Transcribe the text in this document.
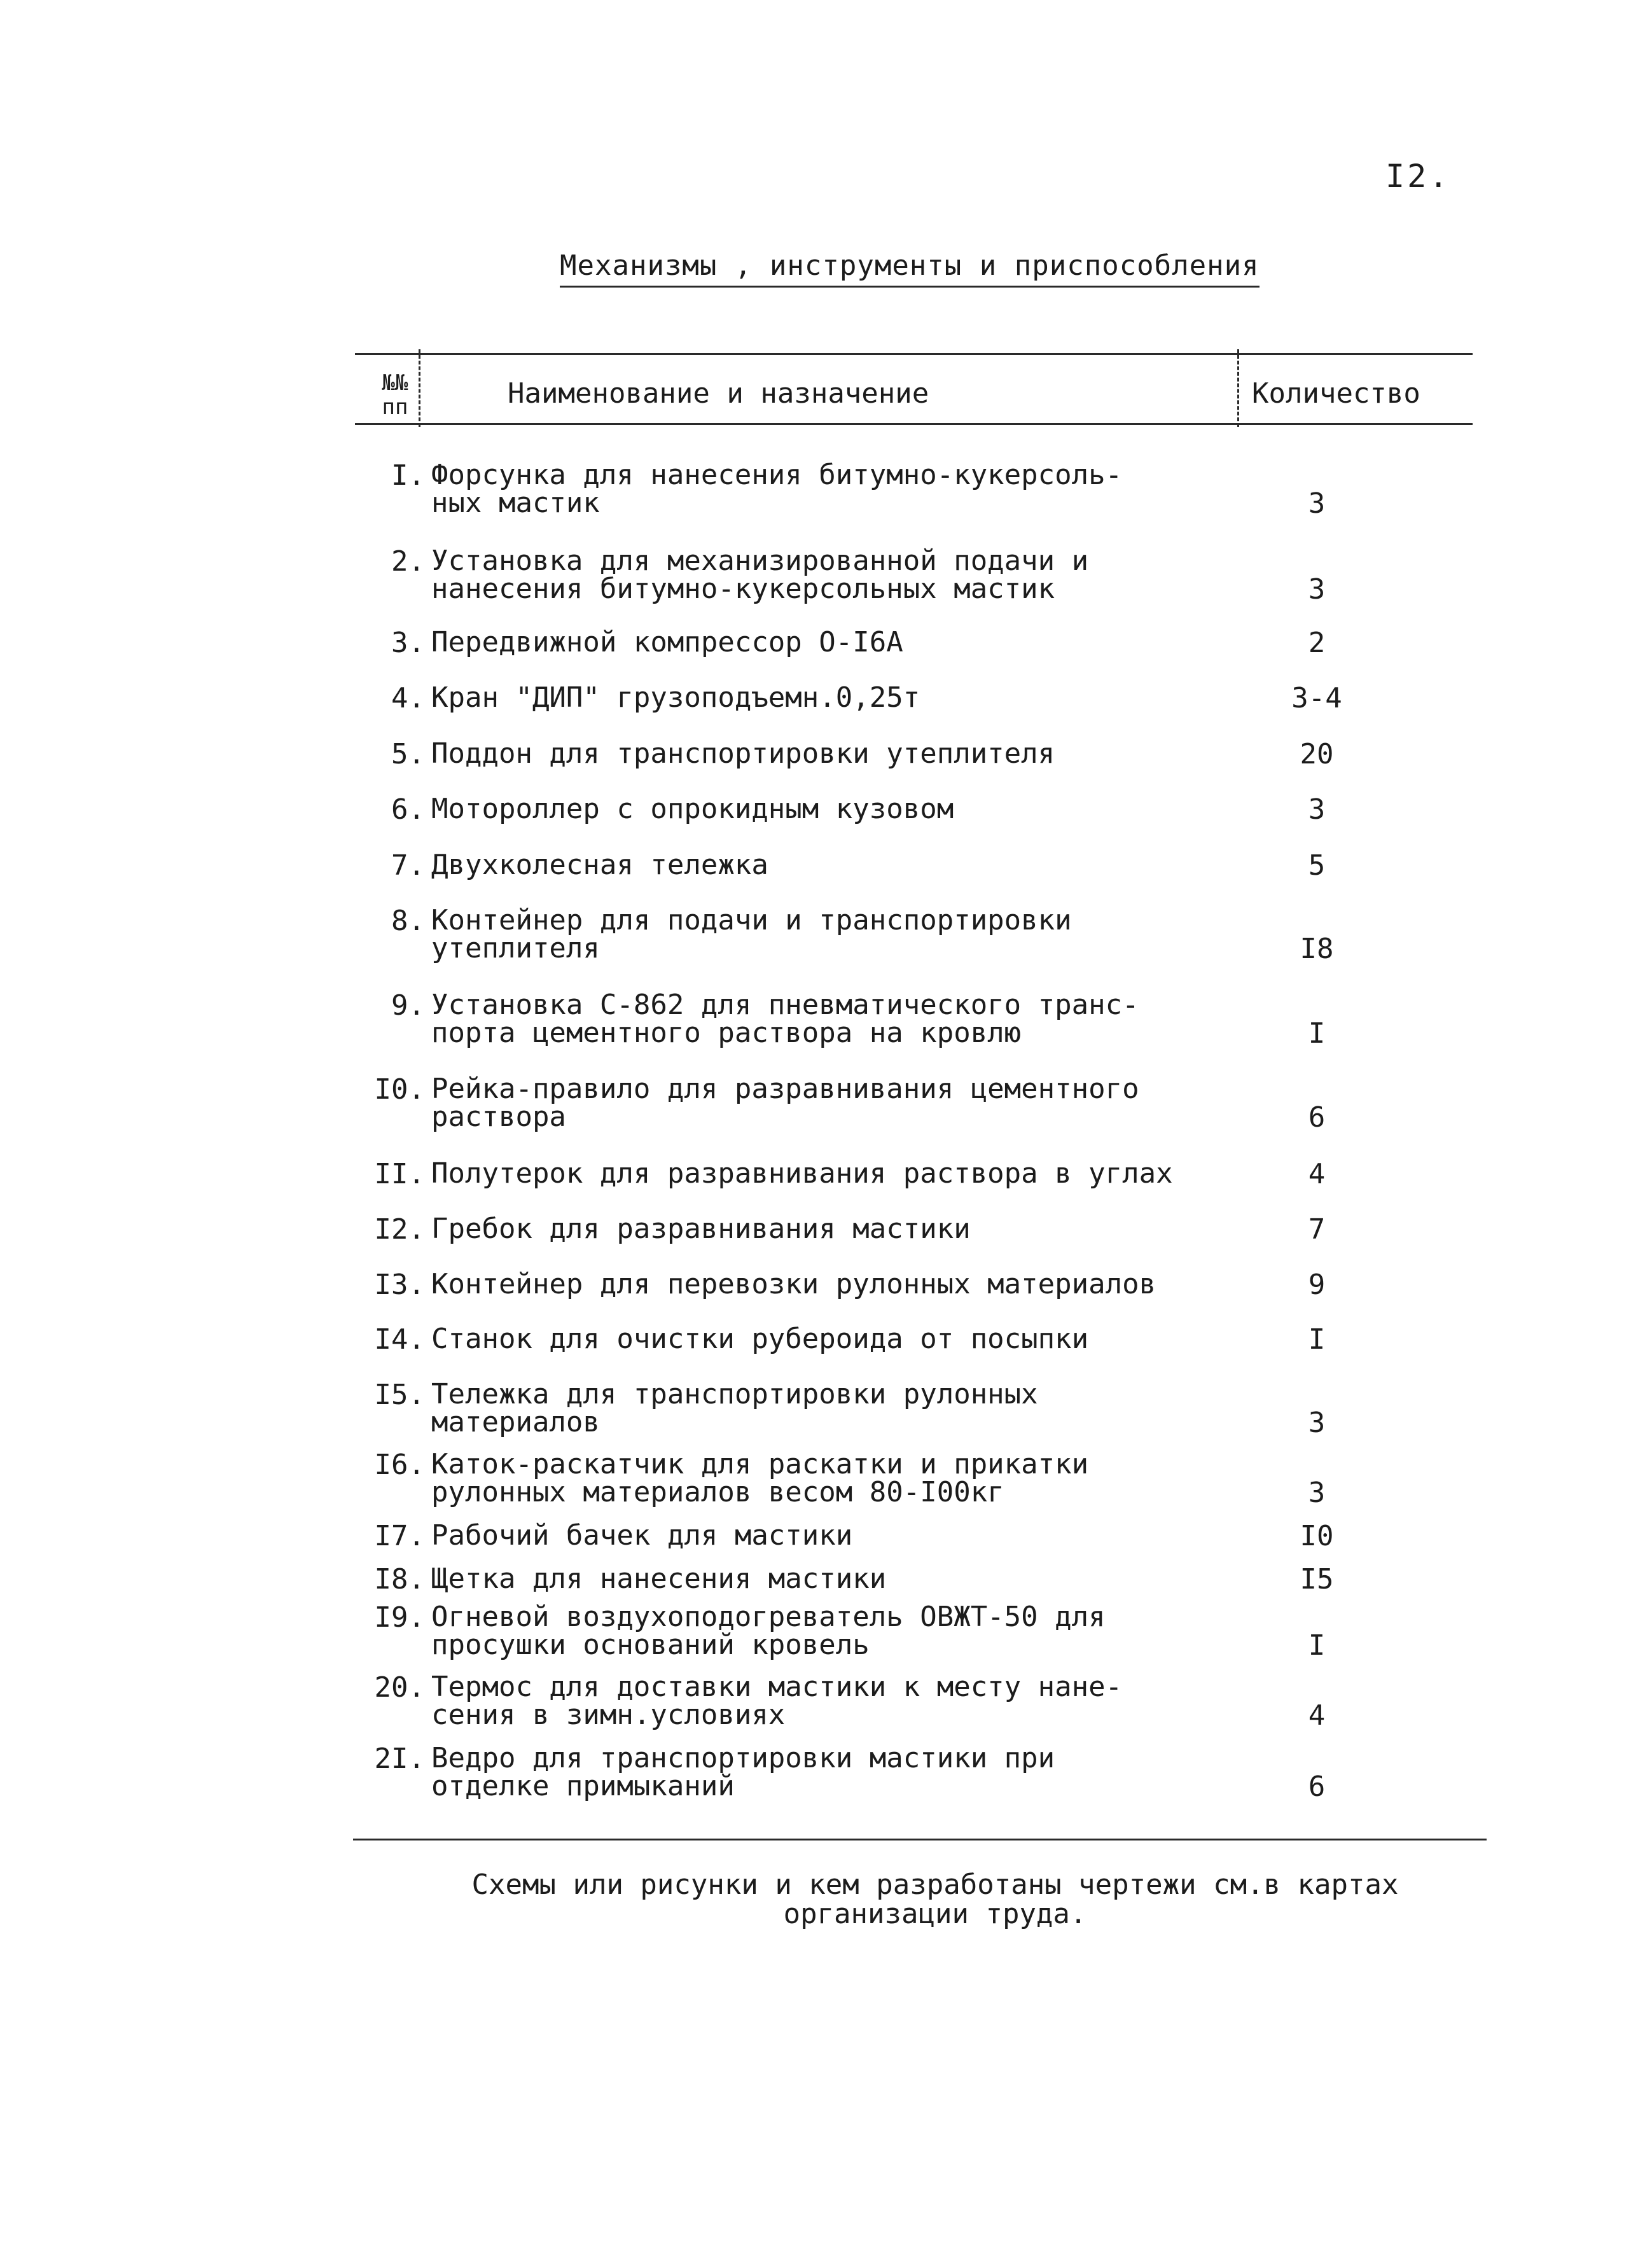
I2.
Механизмы , инструменты и приспособления
№№
пп	Наименование и назначение	Количество
I. Форсунка для нанесения битумно-кукерсоль-
ных мастик	3
2. Установка для механизированной подачи и
нанесения битумно-кукерсольных мастик	3
3. Передвижной компрессор О-I6А	2
4. Кран "ДИП" грузоподъемн.0,25т	3-4
5. Поддон для транспортировки утеплителя	20
6. Мотороллер с опрокидным кузовом	3
7. Двухколесная тележка	5
8. Контейнер для подачи и транспортировки
утеплителя	I8
9. Установка С-862 для пневматического транс-
порта цементного раствора на кровлю	I
I0. Рейка-правило для разравнивания цементного
раствора	6
II. Полутерок для разравнивания раствора в углах	4
I2. Гребок для разравнивания мастики	7
I3. Контейнер для перевозки рулонных материалов	9
I4. Станок для очистки рубероида от посыпки	I
I5. Тележка для транспортировки рулонных
материалов	3
I6. Каток-раскатчик для раскатки и прикатки
рулонных материалов весом 80-I00кг	3
I7. Рабочий бачек для мастики	I0
I8. Щетка для нанесения мастики	I5
I9. Огневой воздухоподогреватель ОВЖТ-50 для
просушки оснований кровель	I
20. Термос для доставки мастики к месту нане-
сения в зимн.условиях	4
2I. Ведро для транспортировки мастики при
отделке примыканий	6
Схемы или рисунки и кем разработаны чертежи см.в картах
организации труда.
